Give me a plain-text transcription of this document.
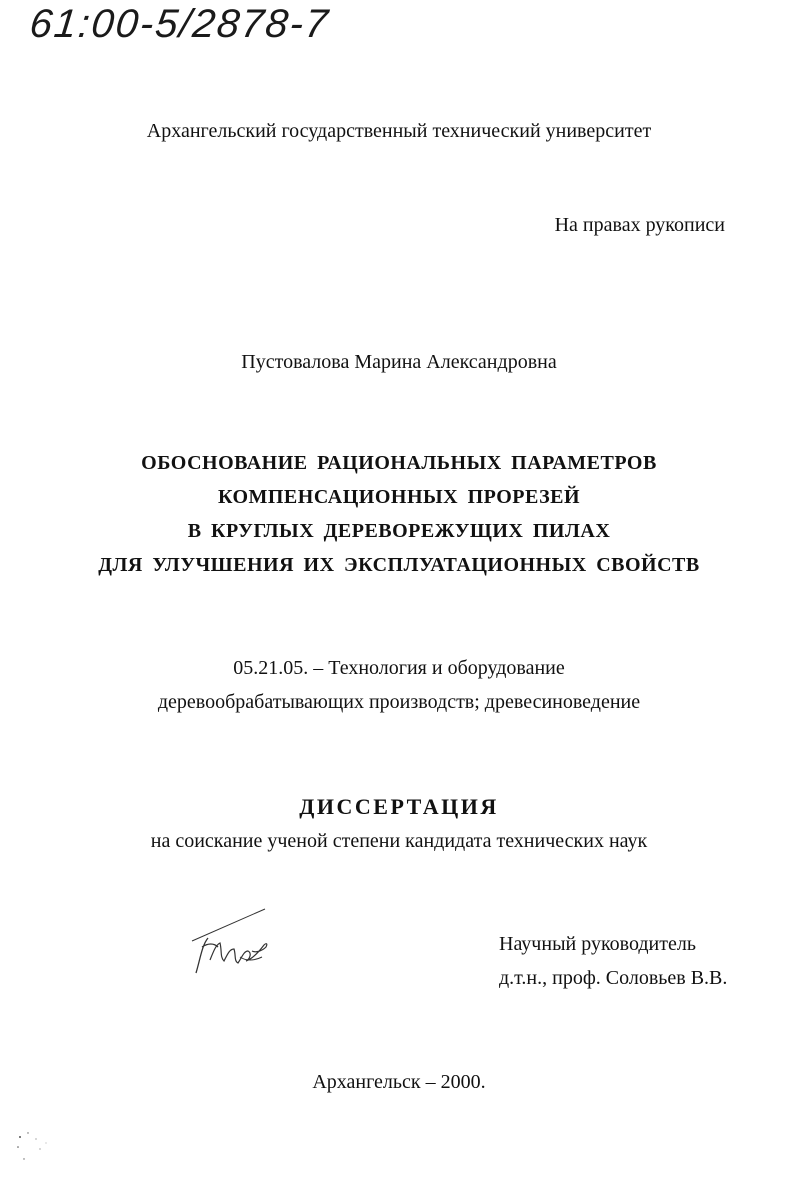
61:00-5/2878-7
Архангельский государственный технический университет
На правах рукописи
Пустовалова Марина Александровна
ОБОСНОВАНИЕ РАЦИОНАЛЬНЫХ ПАРАМЕТРОВ
КОМПЕНСАЦИОННЫХ ПРОРЕЗЕЙ
В КРУГЛЫХ ДЕРЕВОРЕЖУЩИХ ПИЛАХ
ДЛЯ УЛУЧШЕНИЯ ИХ ЭКСПЛУАТАЦИОННЫХ СВОЙСТВ
05.21.05. – Технология и оборудование
деревообрабатывающих производств; древесиноведение
ДИССЕРТАЦИЯ
на соискание ученой степени кандидата технических наук
Научный руководитель
д.т.н., проф. Соловьев В.В.
Архангельск – 2000.
